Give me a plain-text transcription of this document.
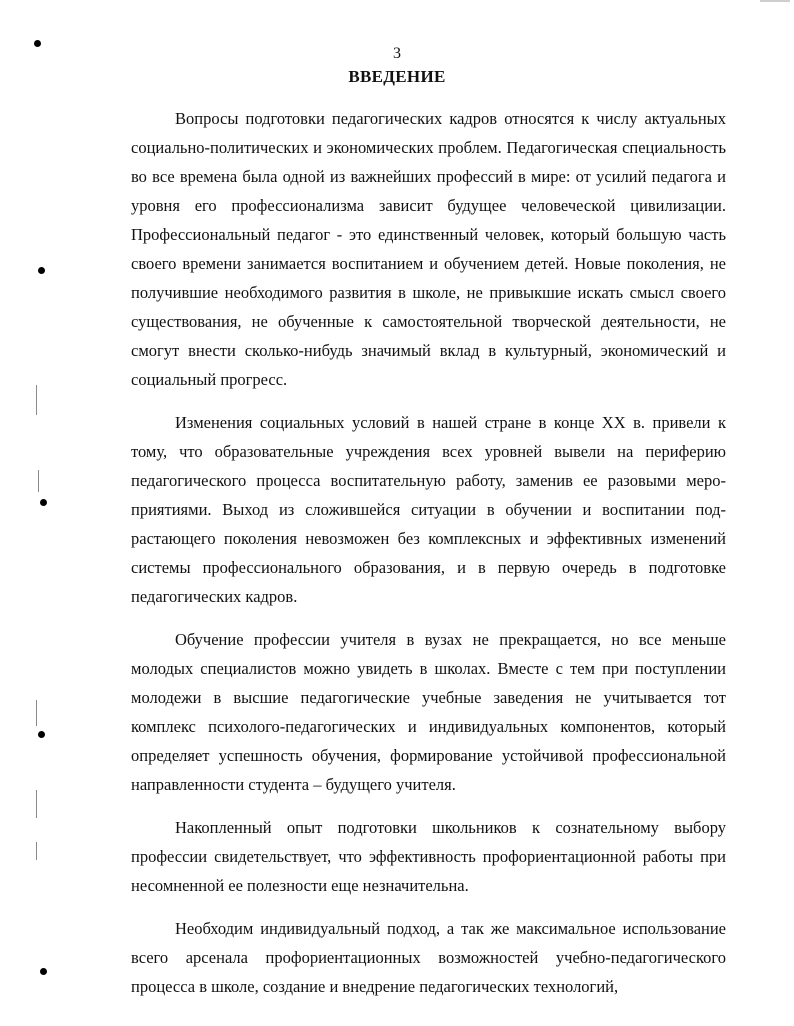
3
ВВЕДЕНИЕ

Вопросы подготовки педагогических кадров относятся к числу актуальных социально-политических и экономических проблем. Педагогическая специальность во все времена была одной из важнейших профессий в мире: от усилий педагога и уровня его профессионализма зависит будущее человеческой цивилизации. Профессиональный педагог - это единственный человек, который большую часть своего времени занимается воспитанием и обучением детей. Новые поколения, не получившие необходимого развития в школе, не привыкшие искать смысл своего существования, не обученные к самостоятельной творческой деятельности, не смогут внести сколько-нибудь значимый вклад в культурный, экономический и социальный прогресс.

Изменения социальных условий в нашей стране в конце XX в. привели к тому, что образовательные учреждения всех уровней вывели на периферию педагогического процесса воспитательную работу, заменив ее разовыми мероприятиями. Выход из сложившейся ситуации в обучении и воспитании подрастающего поколения невозможен без комплексных и эффективных изменений системы профессионального образования, и в первую очередь в подготовке педагогических кадров.

Обучение профессии учителя в вузах не прекращается, но все меньше молодых специалистов можно увидеть в школах. Вместе с тем при поступлении молодежи в высшие педагогические учебные заведения не учитывается тот комплекс психолого-педагогических и индивидуальных компонентов, который определяет успешность обучения, формирование устойчивой профессиональной направленности студента – будущего учителя.

Накопленный опыт подготовки школьников к сознательному выбору профессии свидетельствует, что эффективность профориентационной работы при несомненной ее полезности еще незначительна.

Необходим индивидуальный подход, а так же максимальное использование всего арсенала профориентационных возможностей учебно-педагогического процесса в школе, создание и внедрение педагогических технологий,
